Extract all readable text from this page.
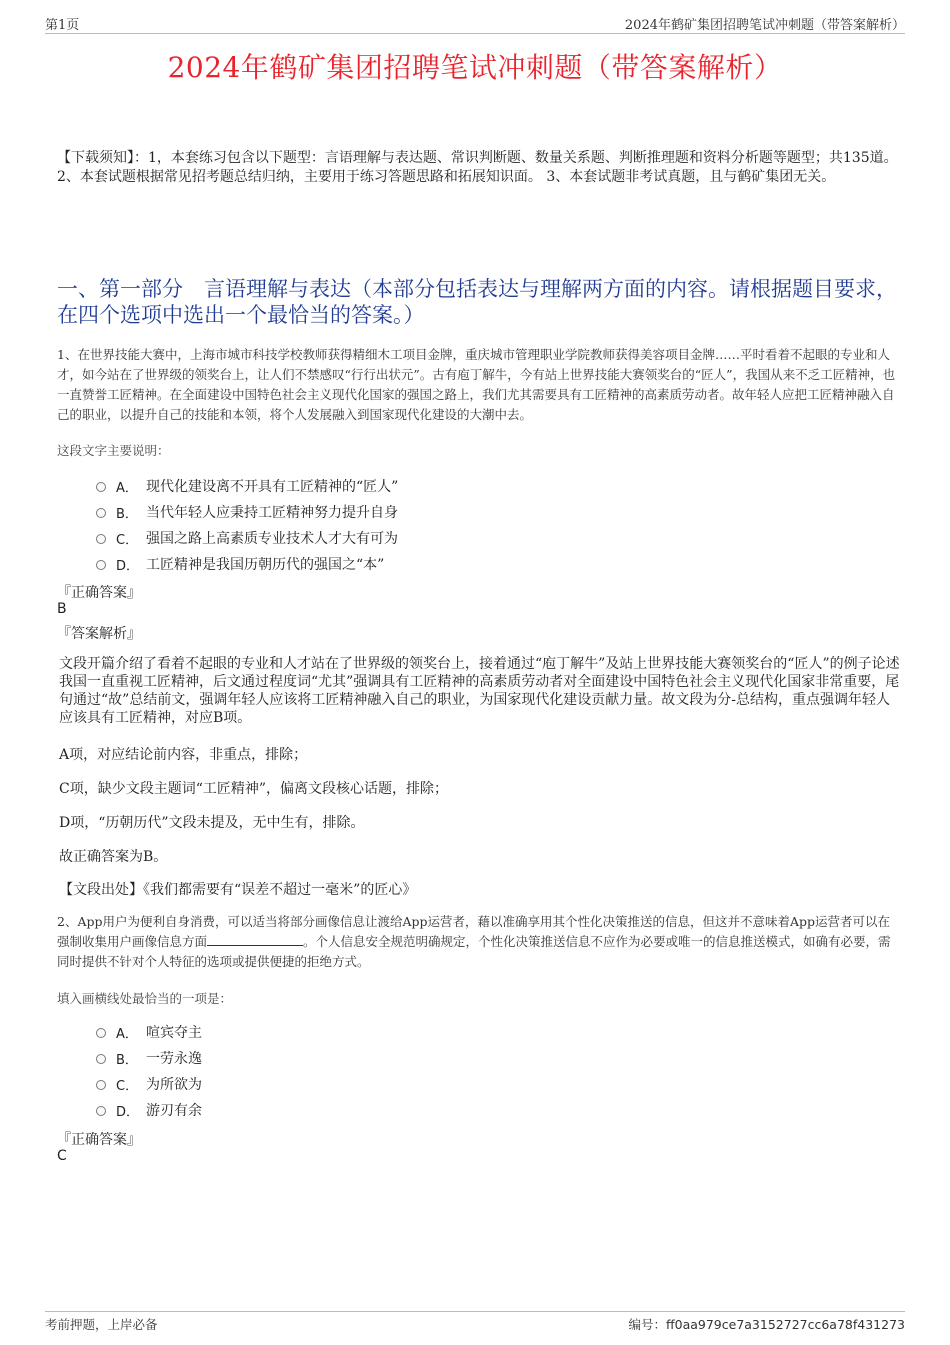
第1页	2024年鹤矿集团招聘笔试冲刺题（带答案解析）
2024年鹤矿集团招聘笔试冲刺题（带答案解析）
【下载须知】：1，本套练习包含以下题型：言语理解与表达题、常识判断题、数量关系题、判断推理题和资料分析题等题型；共135道。 2、本套试题根据常见招考题总结归纳，主要用于练习答题思路和拓展知识面。 3、本套试题非考试真题，且与鹤矿集团无关。
一、第一部分　言语理解与表达（本部分包括表达与理解两方面的内容。请根据题目要求，在四个选项中选出一个最恰当的答案。）
1、在世界技能大赛中，上海市城市科技学校教师获得精细木工项目金牌，重庆城市管理职业学院教师获得美容项目金牌……平时看着不起眼的专业和人才，如今站在了世界级的领奖台上，让人们不禁感叹“行行出状元”。古有庖丁解牛，今有站上世界技能大赛领奖台的“匠人”，我国从来不乏工匠精神，也一直赞誉工匠精神。在全面建设中国特色社会主义现代化国家的强国之路上，我们尤其需要具有工匠精神的高素质劳动者。故年轻人应把工匠精神融入自己的职业，以提升自己的技能和本领，将个人发展融入到国家现代化建设的大潮中去。
这段文字主要说明：
A． 现代化建设离不开具有工匠精神的“匠人”
B． 当代年轻人应秉持工匠精神努力提升自身
C． 强国之路上高素质专业技术人才大有可为
D． 工匠精神是我国历朝历代的强国之“本”
『正确答案』
B
『答案解析』
文段开篇介绍了看着不起眼的专业和人才站在了世界级的领奖台上，接着通过“庖丁解牛”及站上世界技能大赛领奖台的“匠人”的例子论述我国一直重视工匠精神，后文通过程度词“尤其”强调具有工匠精神的高素质劳动者对全面建设中国特色社会主义现代化国家非常重要，尾句通过“故”总结前文，强调年轻人应该将工匠精神融入自己的职业，为国家现代化建设贡献力量。故文段为分-总结构，重点强调年轻人应该具有工匠精神，对应B项。
A项，对应结论前内容，非重点，排除；
C项，缺少文段主题词“工匠精神”，偏离文段核心话题，排除；
D项，“历朝历代”文段未提及，无中生有，排除。
故正确答案为B。
【文段出处】《我们都需要有“误差不超过一毫米”的匠心》
2、App用户为便利自身消费，可以适当将部分画像信息让渡给App运营者，藉以准确享用其个性化决策推送的信息，但这并不意味着App运营者可以在强制收集用户画像信息方面	。个人信息安全规范明确规定，个性化决策推送信息不应作为必要或唯一的信息推送模式，如确有必要，需同时提供不针对个人特征的选项或提供便捷的拒绝方式。
填入画横线处最恰当的一项是：
A． 喧宾夺主
B． 一劳永逸
C． 为所欲为
D． 游刃有余
『正确答案』
C
考前押题，上岸必备	编号：ff0aa979ce7a3152727cc6a78f431273
